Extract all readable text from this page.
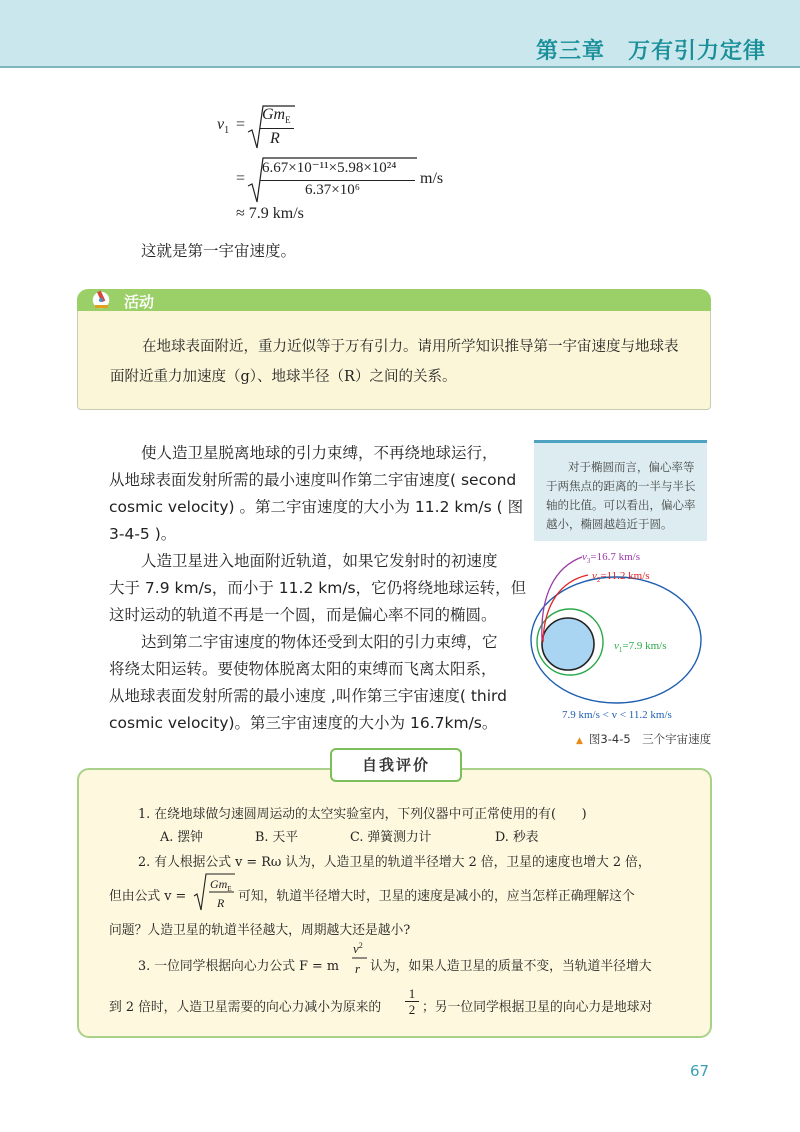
第三章　万有引力定律
$v_1$ =
$Gm_E$
R
=
6.67×10⁻¹¹×5.98×10²⁴
6.37×10⁶
m/s
≈ 7.9 km/s
这就是第一宇宙速度。
活动
在地球表面附近，重力近似等于万有引力。请用所学知识推导第一宇宙速度与地球表面附近重力加速度（g）、地球半径（R）之间的关系。
使人造卫星脱离地球的引力束缚，不再绕地球运行，
从地球表面发射所需的最小速度叫作第二宇宙速度( second
cosmic velocity) 。第二宇宙速度的大小为 11.2 km/s ( 图
3-4-5 )。
人造卫星进入地面附近轨道，如果它发射时的初速度
大于 7.9 km/s，而小于 11.2 km/s，它仍将绕地球运转，但
这时运动的轨道不再是一个圆，而是偏心率不同的椭圆。
达到第二宇宙速度的物体还受到太阳的引力束缚，它
将绕太阳运转。要使物体脱离太阳的束缚而飞离太阳系，
从地球表面发射所需的最小速度 ,叫作第三宇宙速度( third
cosmic velocity)。第三宇宙速度的大小为 16.7km/s。
对于椭圆而言，偏心率等于两焦点的距离的一半与半长轴的比值。可以看出，偏心率越小，椭圆越趋近于圆。
$v_3=16.7$ km/s
$v_2=11.2$ km/s
$v_1=7.9$ km/s
7.9 km/s < v < 11.2 km/s
▲ 图3-4-5　三个宇宙速度
自我评价
1. 在绕地球做匀速圆周运动的太空实验室内，下列仪器中可正常使用的有(　　)
A. 摆钟	B. 天平	C. 弹簧测力计	D. 秒表
2. 有人根据公式 v = Rω 认为，人造卫星的轨道半径增大 2 倍，卫星的速度也增大 2 倍，
但由公式 v =
$Gm_E$
R 可知，轨道半径增大时，卫星的速度是减小的，应当怎样正确理解这个
问题？人造卫星的轨道半径越大，周期越大还是越小?
3. 一位同学根据向心力公式 F = m
$v^2$
r 认为，如果人造卫星的质量不变，当轨道半径增大
到 2 倍时，人造卫星需要的向心力减小为原来的 $\frac{1}{2}$ ；另一位同学根据卫星的向心力是地球对
67
